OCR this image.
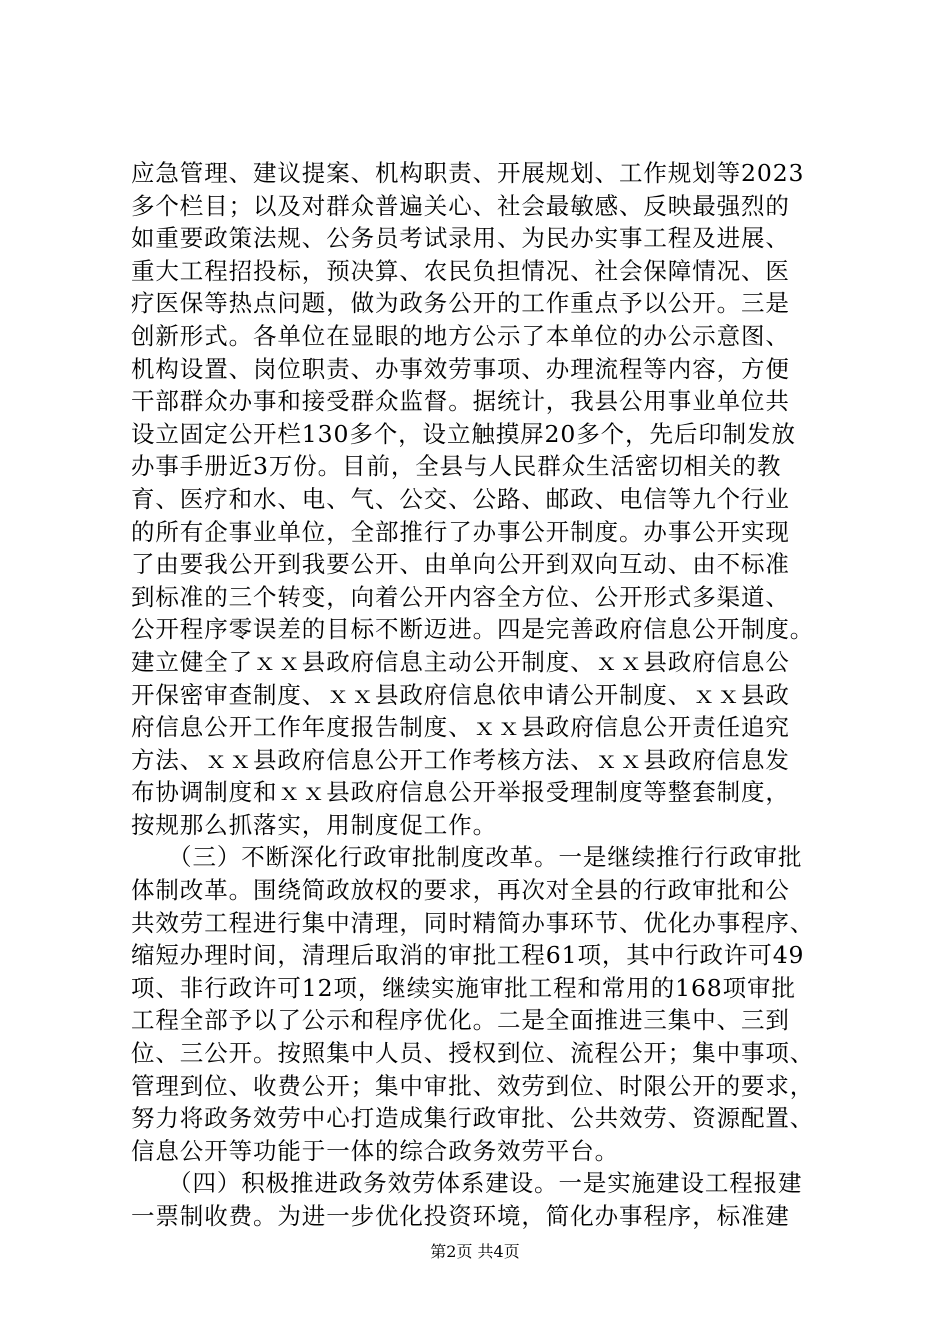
应急管理、建议提案、机构职责、开展规划、工作规划等2023
多个栏目；以及对群众普遍关心、社会最敏感、反映最强烈的
如重要政策法规、公务员考试录用、为民办实事工程及进展、
重大工程招投标，预决算、农民负担情况、社会保障情况、医
疗医保等热点问题，做为政务公开的工作重点予以公开。三是
创新形式。各单位在显眼的地方公示了本单位的办公示意图、
机构设置、岗位职责、办事效劳事项、办理流程等内容，方便
干部群众办事和接受群众监督。据统计，我县公用事业单位共
设立固定公开栏130多个，设立触摸屏20多个，先后印制发放
办事手册近3万份。目前，全县与人民群众生活密切相关的教
育、医疗和水、电、气、公交、公路、邮政、电信等九个行业
的所有企事业单位，全部推行了办事公开制度。办事公开实现
了由要我公开到我要公开、由单向公开到双向互动、由不标准
到标准的三个转变，向着公开内容全方位、公开形式多渠道、
公开程序零误差的目标不断迈进。四是完善政府信息公开制度。
建立健全了ｘｘ县政府信息主动公开制度、ｘｘ县政府信息公
开保密审查制度、ｘｘ县政府信息依申请公开制度、ｘｘ县政
府信息公开工作年度报告制度、ｘｘ县政府信息公开责任追究
方法、ｘｘ县政府信息公开工作考核方法、ｘｘ县政府信息发
布协调制度和ｘｘ县政府信息公开举报受理制度等整套制度，
按规那么抓落实，用制度促工作。
　　（三）不断深化行政审批制度改革。一是继续推行行政审批
体制改革。围绕简政放权的要求，再次对全县的行政审批和公
共效劳工程进行集中清理，同时精简办事环节、优化办事程序、
缩短办理时间，清理后取消的审批工程61项，其中行政许可49
项、非行政许可12项，继续实施审批工程和常用的168项审批
工程全部予以了公示和程序优化。二是全面推进三集中、三到
位、三公开。按照集中人员、授权到位、流程公开；集中事项、
管理到位、收费公开；集中审批、效劳到位、时限公开的要求，
努力将政务效劳中心打造成集行政审批、公共效劳、资源配置、
信息公开等功能于一体的综合政务效劳平台。
　　（四）积极推进政务效劳体系建设。一是实施建设工程报建
一票制收费。为进一步优化投资环境，简化办事程序，标准建
第2页 共4页
